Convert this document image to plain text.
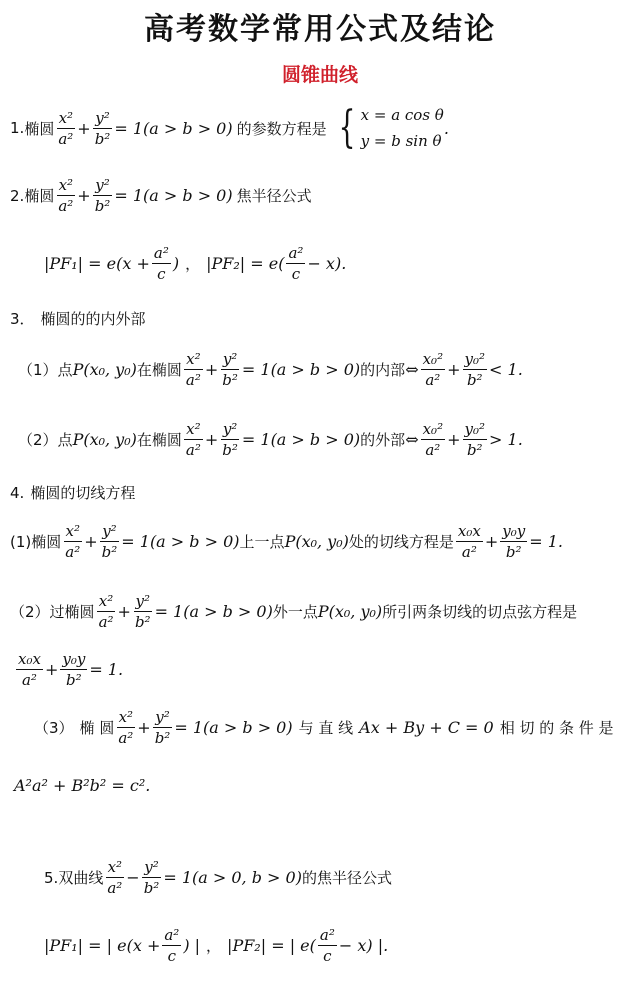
高考数学常用公式及结论
圆锥曲线
1. 椭圆 $\frac{\text{x²}}{\text{a²}} + \frac{\text{y²}}{\text{b²}} = 1(a > b > 0)$ 的参数方程是 { x = a cos θ
y = b sin θ
.
2. 椭圆 $\frac{\text{x²}}{\text{a²}} + \frac{\text{y²}}{\text{b²}} = 1(a > b > 0)$ 焦半径公式
$|PF_1| = e(x + \frac{\text{a²}}{c}$ ) ， $|PF_2| = e( \frac{\text{a²}}{c} - x)$.
3． 椭圆的的内外部
（1） 点 P(x₀, y₀) 在椭圆 $\frac{\text{x²}}{\text{a²}} + \frac{\text{y²}}{\text{b²}} = 1(a > b > 0)$ 的内部 ⇔ $\frac{\text{x₀²}}{\text{a²}} + \frac{\text{y₀²}}{\text{b²}} < 1$.
（2） 点 P(x₀, y₀) 在椭圆 $\frac{\text{x²}}{\text{a²}} + \frac{\text{y²}}{\text{b²}} = 1(a > b > 0)$ 的外部 ⇔ $\frac{\text{x₀²}}{\text{a²}} + \frac{\text{y₀²}}{\text{b²}} > 1$.
4. 椭圆的切线方程
(1) 椭圆 $\frac{\text{x²}}{\text{a²}} + \frac{\text{y²}}{\text{b²}} = 1(a > b > 0)$ 上一点 P(x₀, y₀) 处的切线方程是 $\frac{\text{x₀x}}{\text{a²}} + \frac{\text{y₀y}}{\text{b²}} = 1$.
（2） 过椭圆 $\frac{\text{x²}}{\text{a²}} + \frac{\text{y²}}{\text{b²}} = 1(a > b > 0)$ 外一点 P(x₀, y₀) 所引两条切线的切点弦方程是
$\frac{\text{x₀x}}{\text{a²}} + \frac{\text{y₀y}}{\text{b²}} = 1$.
（3） 椭 圆 $\frac{\text{x²}}{\text{a²}} + \frac{\text{y²}}{\text{b²}} = 1(a > b > 0)$ 与 直 线 Ax + By + C = 0 相 切 的 条 件 是
A²a² + B²b² = c².
5. 双曲线 $\frac{\text{x²}}{\text{a²}} - \frac{\text{y²}}{\text{b²}} = 1(a > 0$, b > 0) 的焦半径公式
|PF₁| = | $e(x + \frac{\text{a²}}{c}$ ) | ， |PF₂| = | $e( \frac{\text{a²}}{c} - x)$ |.
